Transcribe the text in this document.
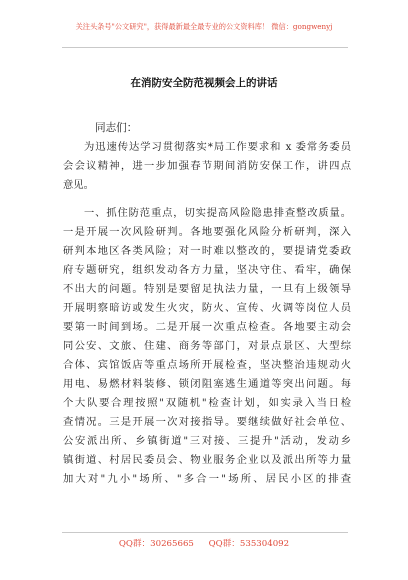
关注头条号"公文研究"，获得最新最全最专业的公文资料库！ 微信：gongwenyj
在消防安全防范视频会上的讲话
同志们：
为迅速传达学习贯彻落实*局工作要求和 x 委常务委员
会会议精神，进一步加强春节期间消防安保工作，讲四点
意见。
一、抓住防范重点，切实提高风险隐患排查整改质量。
一是开展一次风险研判。各地要强化风险分析研判，深入
研判本地区各类风险；对一时难以整改的，要提请党委政
府专题研究，组织发动各方力量，坚决守住、看牢，确保
不出大的问题。特别是要留足执法力量，一旦有上级领导
开展明察暗访或发生火灾，防火、宣传、火调等岗位人员
要第一时间到场。二是开展一次重点检查。各地要主动会
同公安、文旅、住建、商务等部门，对景点景区、大型综
合体、宾馆饭店等重点场所开展检查，坚决整治违规动火
用电、易燃材料装修、锁闭阻塞逃生通道等突出问题。每
个大队要合理按照"双随机"检查计划，如实录入当日检
查情况。三是开展一次对接指导。要继续做好社会单位、
公安派出所、乡镇街道"三对接、三提升"活动，发动乡
镇街道、村居民委员会、物业服务企业以及派出所等力量
加大对"九小"场所、"多合一"场所、居民小区的排查
QQ群：30265665 QQ群：535304092
